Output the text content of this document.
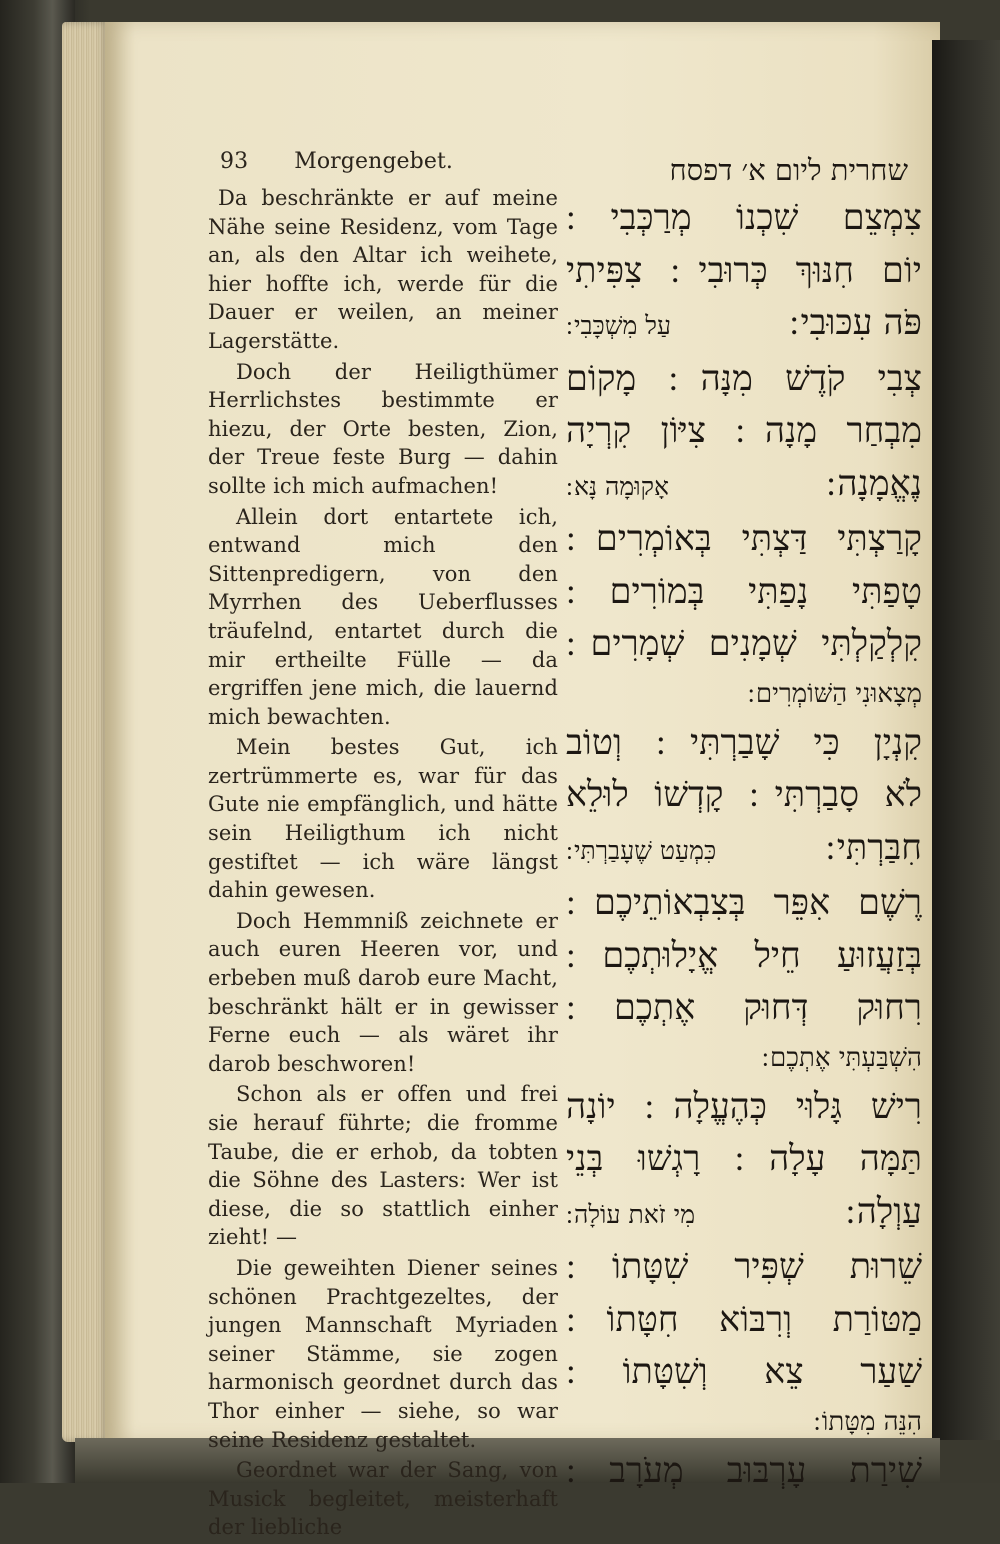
93 Morgengebet.

Da beschränkte er auf meine Nähe seine Residenz, vom Tage an, als den Altar ich weihete, hier hoffte ich, werde für die Dauer er weilen, an meiner Lagerstätte.

Doch der Heiligthümer Herrlichstes bestimmte er hiezu, der Orte besten, Zion, der Treue feste Burg — dahin sollte ich mich aufmachen!

Allein dort entartete ich, entwand mich den Sittenpredigern, von den Myrrhen des Ueberflusses träufelnd, entartet durch die mir ertheilte Fülle — da ergriffen jene mich, die lauernd mich bewachten.

Mein bestes Gut, ich zertrümmerte es, war für das Gute nie empfänglich, und hätte sein Heiligthum ich nicht gestiftet — ich wäre längst dahin gewesen.

Doch Hemmniß zeichnete er auch euren Heeren vor, und erbeben muß darob eure Macht, beschränkt hält er in gewisser Ferne euch — als wäret ihr darob beschworen!

Schon als er offen und frei sie herauf führte; die fromme Taube, die er erhob, da tobten die Söhne des Lasters: Wer ist diese, die so stattlich einher zieht! —

Die geweihten Diener seines schönen Prachtgezeltes, der jungen Mannschaft Myriaden seiner Stämme, sie zogen harmonisch geordnet durch das Thor einher — siehe, so war seine Residenz gestaltet.

Geordnet war der Sang, von Musick begleitet, meisterhaft der liebliche

שחרית ליום א׳ דפסח
צִמְצֵם שִׁכְנוֹ מְרַכְּבִי ׃
יוֹם חִנּוּךְ כְּרוּבִי ׃ צִפִּיתִי
פֹּה עִכּוּבִי ׃
עַל מִשְׁכָּבִי ׃
צְבִי קֹדֶשׁ מִנָּה ׃ מָקוֹם
מִבְחַר מָנָה ׃ צִיּוֹן קִרְיָה
נֶאֱמָנָה ׃
אָקוּמָה נָּא ׃
קָרַצְתִּי דַּצְתִּי בְּאוֹמְרִים ׃
טָפַתִּי נָפַתִּי בְּמוֹרִים ׃
קִלְקַלְתִּי שְׁמָנִים שְׁמָרִים ׃
מְצָאוּנִי הַשּׁוֹמְרִים ׃
קִנְיָן כִּי שָׁבַרְתִּי ׃ וְטוֹב
לֹא סָבַרְתִּי ׃ קָדְשׁוֹ לוּלֵא
חִבַּרְתִּי ׃
כִּמְעַט שֶׁעָבַרְתִּי ׃
רֶשֶׁם אִפֵּר בְּצִבְאוֹתֵיכֶם ׃
בְּזַעֲזוּעַ חֵיל אֱיָלוּתְכֶם ׃
רִחוּק דְּחוּק אֶתְכֶם ׃
הִשְׁבַּעְתִּי אֶתְכֶם ׃
רִישׁ גָּלוּי כְּהֶעֱלָה ׃ יוֹנָה
תַּמָּה עָלָה ׃ רָגְשׁוּ בְּנֵי
עַוְלָה ׃
מִי זֹאת עוֹלָה ׃
שֵׁרוּת שְׁפִּיר שִׁטָּתוֹ ׃
מַטּוֹרַת וְרִבּוֹא חִטָּתוֹ ׃
שַׁעַר צֵא וְשִׁטָּתוֹ ׃
הִנֵּה מִטָּתוֹ ׃
שִׁירַת עָרְבּוּב מְעֹרָב ׃
